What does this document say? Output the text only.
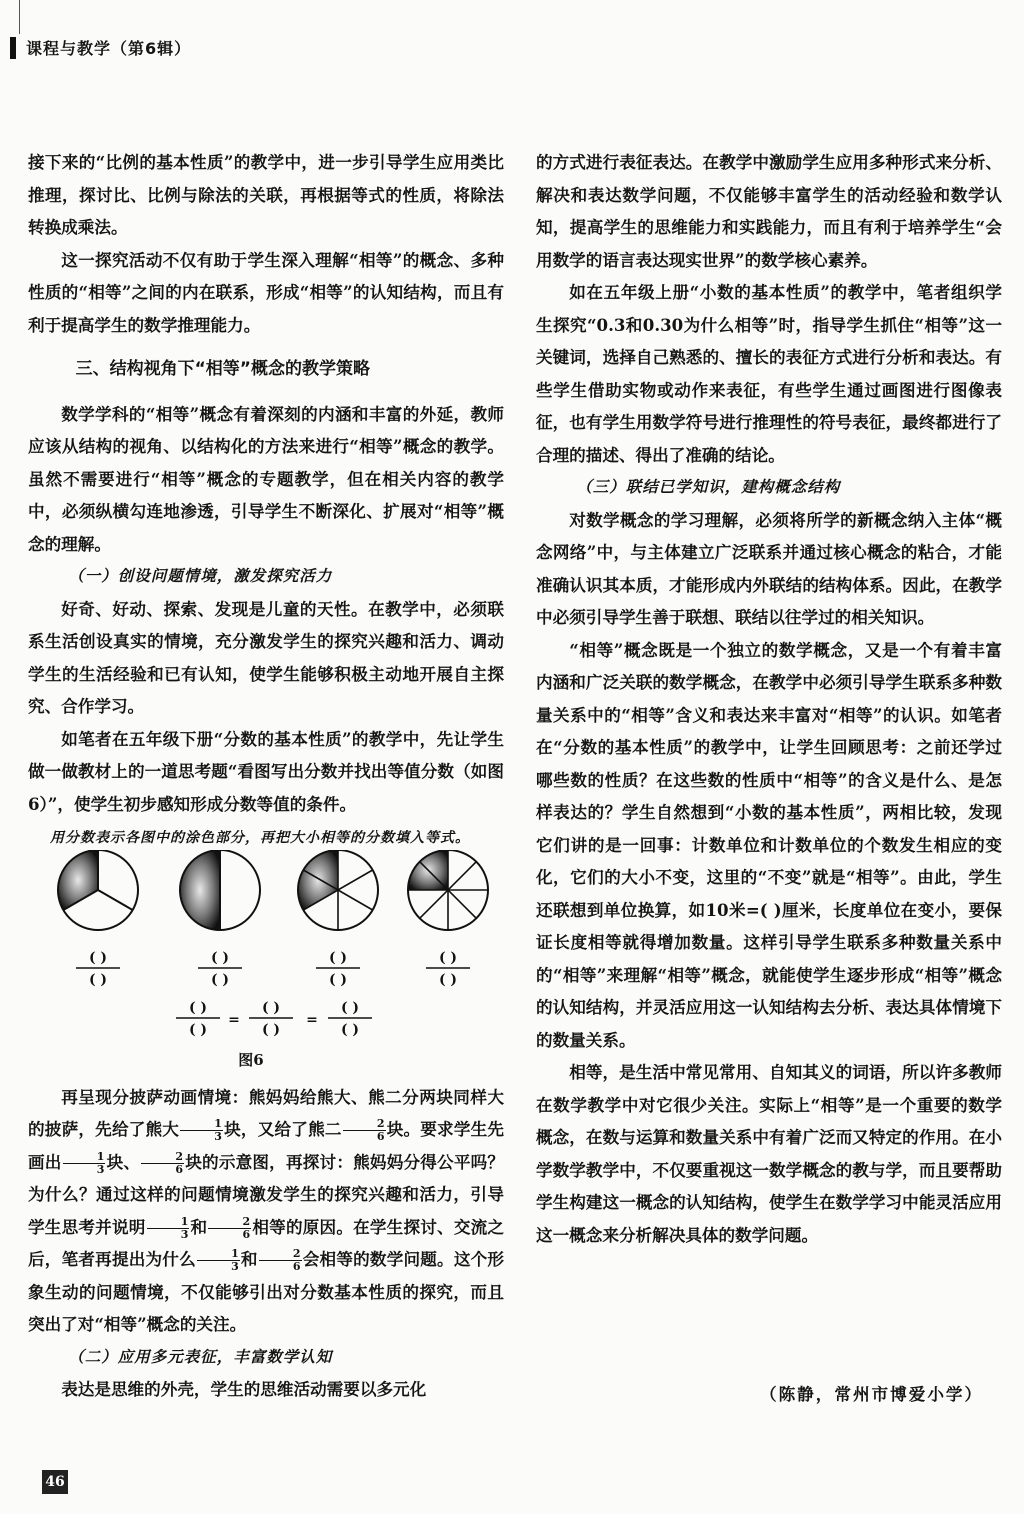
课程与教学（第6辑）

接下来的“比例的基本性质”的教学中，进一步引导学生应用类比推理，探讨比、比例与除法的关联，再根据等式的性质，将除法转换成乘法。

这一探究活动不仅有助于学生深入理解“相等”的概念、多种性质的“相等”之间的内在联系，形成“相等”的认知结构，而且有利于提高学生的数学推理能力。

三、结构视角下“相等”概念的教学策略

数学学科的“相等”概念有着深刻的内涵和丰富的外延，教师应该从结构的视角、以结构化的方法来进行“相等”概念的教学。虽然不需要进行“相等”概念的专题教学，但在相关内容的教学中，必须纵横勾连地渗透，引导学生不断深化、扩展对“相等”概念的理解。

（一）创设问题情境，激发探究活力

好奇、好动、探索、发现是儿童的天性。在教学中，必须联系生活创设真实的情境，充分激发学生的探究兴趣和活力、调动学生的生活经验和已有认知，使学生能够积极主动地开展自主探究、合作学习。

如笔者在五年级下册“分数的基本性质”的教学中，先让学生做一做教材上的一道思考题“看图写出分数并找出等值分数（如图6）”，使学生初步感知形成分数等值的条件。

用分数表示各图中的涂色部分，再把大小相等的分数填入等式。
( )
( )
( )
( )
( )
( )
( )
( )
( )
( )
=
( )
( )
=
( )
( )
图6

再呈现分披萨动画情境：熊妈妈给熊大、熊二分两块同样大的披萨，先给了熊大 $\frac{1}{3}$ 块，又给了熊二 $\frac{2}{6}$ 块。要求学生先画出 $\frac{1}{3}$ 块、 $\frac{2}{6}$ 块的示意图，再探讨：熊妈妈分得公平吗？为什么？通过这样的问题情境激发学生的探究兴趣和活力，引导学生思考并说明 $\frac{1}{3}$ 和 $\frac{2}{6}$ 相等的原因。在学生探讨、交流之后，笔者再提出为什么 $\frac{1}{3}$ 和 $\frac{2}{6}$ 会相等的数学问题。这个形象生动的问题情境，不仅能够引出对分数基本性质的探究，而且突出了对“相等”概念的关注。

（二）应用多元表征，丰富数学认知

表达是思维的外壳，学生的思维活动需要以多元化

的方式进行表征表达。在教学中激励学生应用多种形式来分析、解决和表达数学问题，不仅能够丰富学生的活动经验和数学认知，提高学生的思维能力和实践能力，而且有利于培养学生“会用数学的语言表达现实世界”的数学核心素养。

如在五年级上册“小数的基本性质”的教学中，笔者组织学生探究“0.3和0.30为什么相等”时，指导学生抓住“相等”这一关键词，选择自己熟悉的、擅长的表征方式进行分析和表达。有些学生借助实物或动作来表征，有些学生通过画图进行图像表征，也有学生用数学符号进行推理性的符号表征，最终都进行了合理的描述、得出了准确的结论。

（三）联结已学知识，建构概念结构

对数学概念的学习理解，必须将所学的新概念纳入主体“概念网络”中，与主体建立广泛联系并通过核心概念的粘合，才能准确认识其本质，才能形成内外联结的结构体系。因此，在教学中必须引导学生善于联想、联结以往学过的相关知识。

“相等”概念既是一个独立的数学概念，又是一个有着丰富内涵和广泛关联的数学概念，在教学中必须引导学生联系多种数量关系中的“相等”含义和表达来丰富对“相等”的认识。如笔者在“分数的基本性质”的教学中，让学生回顾思考：之前还学过哪些数的性质？在这些数的性质中“相等”的含义是什么、是怎样表达的？学生自然想到“小数的基本性质”，两相比较，发现它们讲的是一回事：计数单位和计数单位的个数发生相应的变化，它们的大小不变，这里的“不变”就是“相等”。由此，学生还联想到单位换算，如10米=( )厘米，长度单位在变小，要保证长度相等就得增加数量。这样引导学生联系多种数量关系中的“相等”来理解“相等”概念，就能使学生逐步形成“相等”概念的认知结构，并灵活应用这一认知结构去分析、表达具体情境下的数量关系。

相等，是生活中常见常用、自知其义的词语，所以许多教师在数学教学中对它很少关注。实际上“相等”是一个重要的数学概念，在数与运算和数量关系中有着广泛而又特定的作用。在小学数学教学中，不仅要重视这一数学概念的教与学，而且要帮助学生构建这一概念的认知结构，使学生在数学学习中能灵活应用这一概念来分析解决具体的数学问题。

（陈静，常州市博爱小学）
46
